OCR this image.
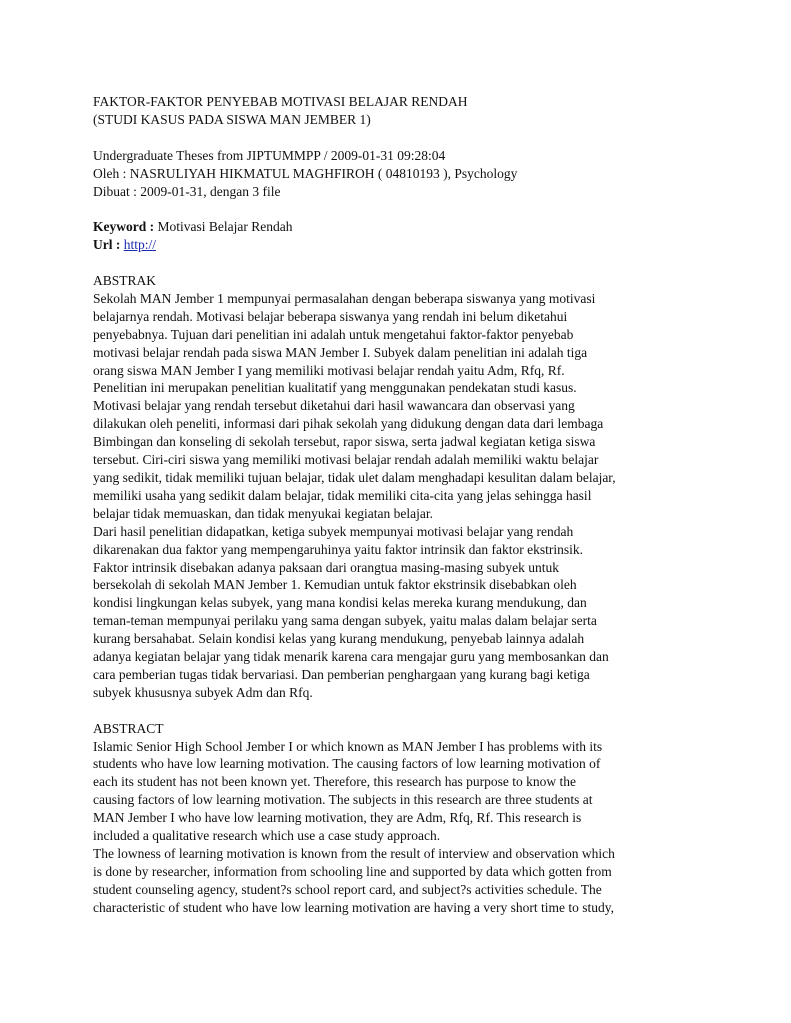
FAKTOR-FAKTOR PENYEBAB MOTIVASI BELAJAR RENDAH
(STUDI KASUS PADA SISWA MAN JEMBER 1)
Undergraduate Theses from JIPTUMMPP / 2009-01-31 09:28:04
Oleh : NASRULIYAH HIKMATUL MAGHFIROH ( 04810193 ), Psychology
Dibuat : 2009-01-31, dengan 3 file
Keyword : Motivasi Belajar Rendah
Url : http://
ABSTRAK
Sekolah MAN Jember 1 mempunyai permasalahan dengan beberapa siswanya yang motivasi
belajarnya rendah. Motivasi belajar beberapa siswanya yang rendah ini belum diketahui
penyebabnya. Tujuan dari penelitian ini adalah untuk mengetahui faktor-faktor penyebab
motivasi belajar rendah pada siswa MAN Jember I. Subyek dalam penelitian ini adalah tiga
orang siswa MAN Jember I yang memiliki motivasi belajar rendah yaitu Adm, Rfq, Rf.
Penelitian ini merupakan penelitian kualitatif yang menggunakan pendekatan studi kasus.
Motivasi belajar yang rendah tersebut diketahui dari hasil wawancara dan observasi yang
dilakukan oleh peneliti, informasi dari pihak sekolah yang didukung dengan data dari lembaga
Bimbingan dan konseling di sekolah tersebut, rapor siswa, serta jadwal kegiatan ketiga siswa
tersebut. Ciri-ciri siswa yang memiliki motivasi belajar rendah adalah memiliki waktu belajar
yang sedikit, tidak memiliki tujuan belajar, tidak ulet dalam menghadapi kesulitan dalam belajar,
memiliki usaha yang sedikit dalam belajar, tidak memiliki cita-cita yang jelas sehingga hasil
belajar tidak memuaskan, dan tidak menyukai kegiatan belajar.
Dari hasil penelitian didapatkan, ketiga subyek mempunyai motivasi belajar yang rendah
dikarenakan dua faktor yang mempengaruhinya yaitu faktor intrinsik dan faktor ekstrinsik.
Faktor intrinsik disebakan adanya paksaan dari orangtua masing-masing subyek untuk
bersekolah di sekolah MAN Jember 1. Kemudian untuk faktor ekstrinsik disebabkan oleh
kondisi lingkungan kelas subyek, yang mana kondisi kelas mereka kurang mendukung, dan
teman-teman mempunyai perilaku yang sama dengan subyek, yaitu malas dalam belajar serta
kurang bersahabat. Selain kondisi kelas yang kurang mendukung, penyebab lainnya adalah
adanya kegiatan belajar yang tidak menarik karena cara mengajar guru yang membosankan dan
cara pemberian tugas tidak bervariasi. Dan pemberian penghargaan yang kurang bagi ketiga
subyek khususnya subyek Adm dan Rfq.
ABSTRACT
Islamic Senior High School Jember I or which known as MAN Jember I has problems with its
students who have low learning motivation. The causing factors of low learning motivation of
each its student has not been known yet. Therefore, this research has purpose to know the
causing factors of low learning motivation. The subjects in this research are three students at
MAN Jember I who have low learning motivation, they are Adm, Rfq, Rf. This research is
included a qualitative research which use a case study approach.
The lowness of learning motivation is known from the result of interview and observation which
is done by researcher, information from schooling line and supported by data which gotten from
student counseling agency, student?s school report card, and subject?s activities schedule. The
characteristic of student who have low learning motivation are having a very short time to study,
